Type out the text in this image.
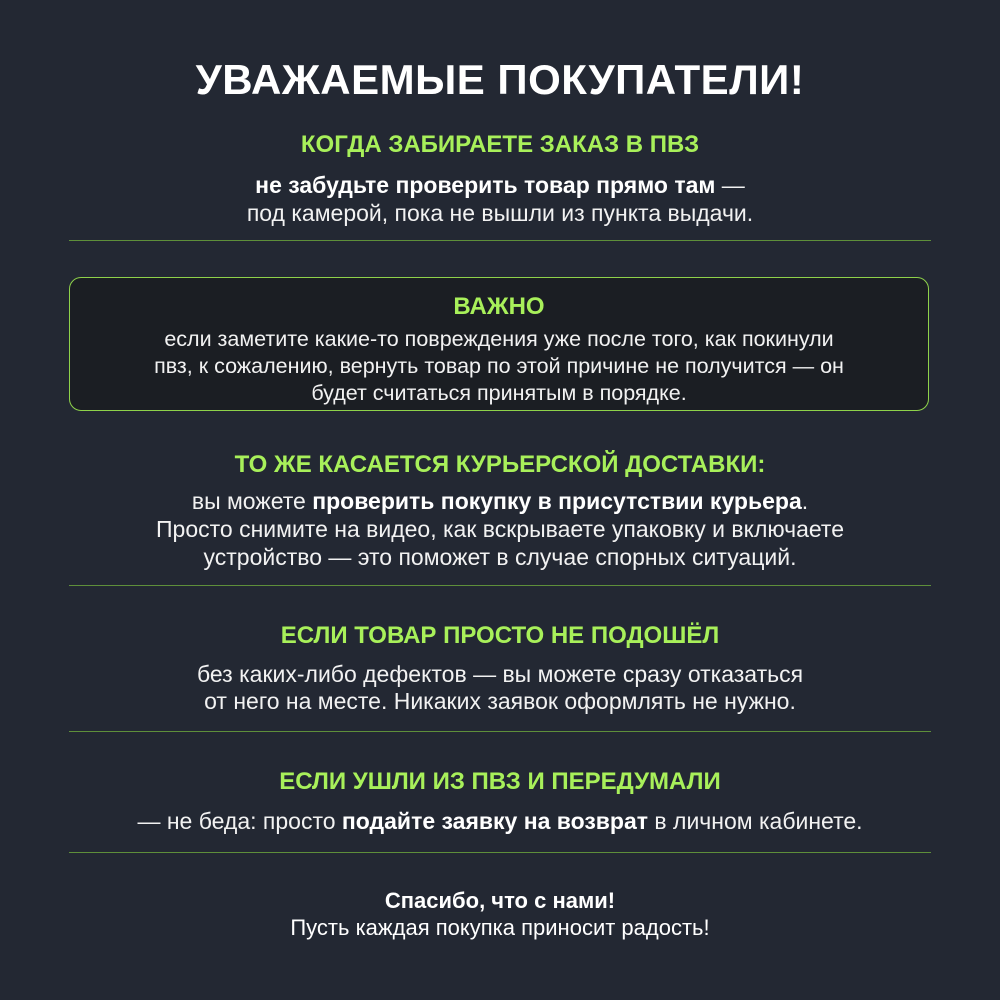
УВАЖАЕМЫЕ ПОКУПАТЕЛИ!
КОГДА ЗАБИРАЕТЕ ЗАКАЗ В ПВЗ
не забудьте проверить товар прямо там —
под камерой, пока не вышли из пункта выдачи.
ВАЖНО
если заметите какие-то повреждения уже после того, как покинули
пвз, к сожалению, вернуть товар по этой причине не получится — он
будет считаться принятым в порядке.
ТО ЖЕ КАСАЕТСЯ КУРЬЕРСКОЙ ДОСТАВКИ:
вы можете проверить покупку в присутствии курьера.
Просто снимите на видео, как вскрываете упаковку и включаете
устройство — это поможет в случае спорных ситуаций.
ЕСЛИ ТОВАР ПРОСТО НЕ ПОДОШЁЛ
без каких-либо дефектов — вы можете сразу отказаться
от него на месте. Никаких заявок оформлять не нужно.
ЕСЛИ УШЛИ ИЗ ПВЗ И ПЕРЕДУМАЛИ
— не беда: просто подайте заявку на возврат в личном кабинете.
Спасибо, что с нами!
Пусть каждая покупка приносит радость!
